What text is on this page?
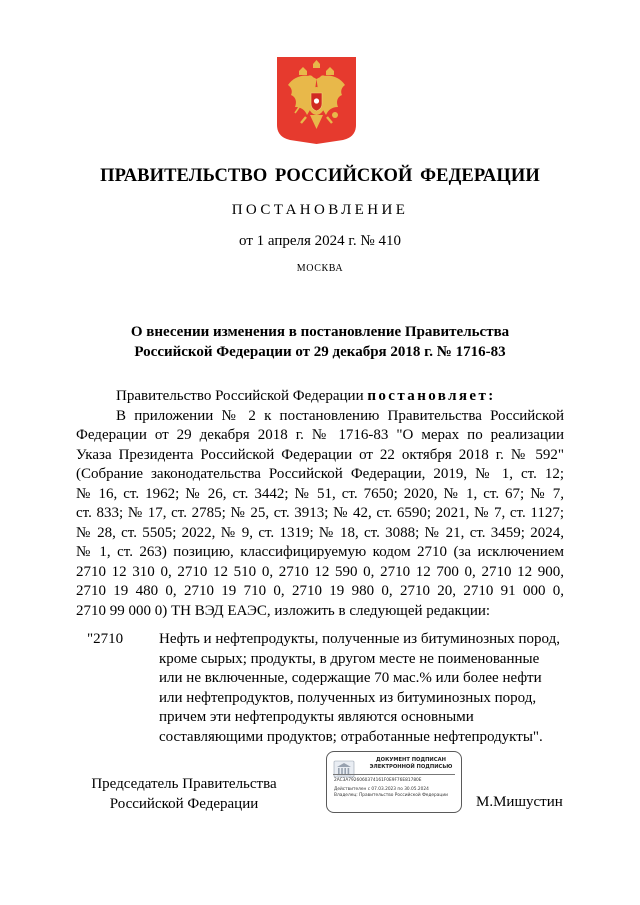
ПРАВИТЕЛЬСТВО РОССИЙСКОЙ ФЕДЕРАЦИИ
ПОСТАНОВЛЕНИЕ
от 1 апреля 2024 г. № 410
МОСКВА
О внесении изменения в постановление Правительства
Российской Федерации от 29 декабря 2018 г. № 1716-83
Правительство Российской Федерации постановляет:
В приложении № 2 к постановлению Правительства Российской
Федерации от 29 декабря 2018 г. № 1716-83 "О мерах по реализации
Указа Президента Российской Федерации от 22 октября 2018 г. № 592"
(Собрание законодательства Российской Федерации, 2019, № 1, ст. 12;
№ 16, ст. 1962; № 26, ст. 3442; № 51, ст. 7650; 2020, № 1, ст. 67; № 7,
ст. 833; № 17, ст. 2785; № 25, ст. 3913; № 42, ст. 6590; 2021, № 7, ст. 1127;
№ 28, ст. 5505; 2022, № 9, ст. 1319; № 18, ст. 3088; № 21, ст. 3459; 2024,
№ 1, ст. 263) позицию, классифицируемую кодом 2710 (за исключением
2710 12 310 0, 2710 12 510 0, 2710 12 590 0, 2710 12 700 0, 2710 12 900,
2710 19 480 0, 2710 19 710 0, 2710 19 980 0, 2710 20, 2710 91 000 0,
2710 99 000 0) ТН ВЭД ЕАЭС, изложить в следующей редакции:
"2710 Нефть и нефтепродукты, полученные из битуминозных пород, кроме сырых; продукты, в другом месте не поименованные или не включенные, содержащие 70 мас.% или более нефти или нефтепродуктов, полученных из битуминозных пород, причем эти нефтепродукты являются основными составляющими продуктов; отработанные нефтепродукты".
Председатель Правительства
Российской Федерации
ДОКУМЕНТ ПОДПИСАН
ЭЛЕКТРОННОЙ ПОДПИСЬЮ
2AC3A7926060374161F0E9F76E81780E
Действителен с 07.03.2023 по 30.05.2024
Владелец: Правительство Российской Федерации	М.Мишустин
